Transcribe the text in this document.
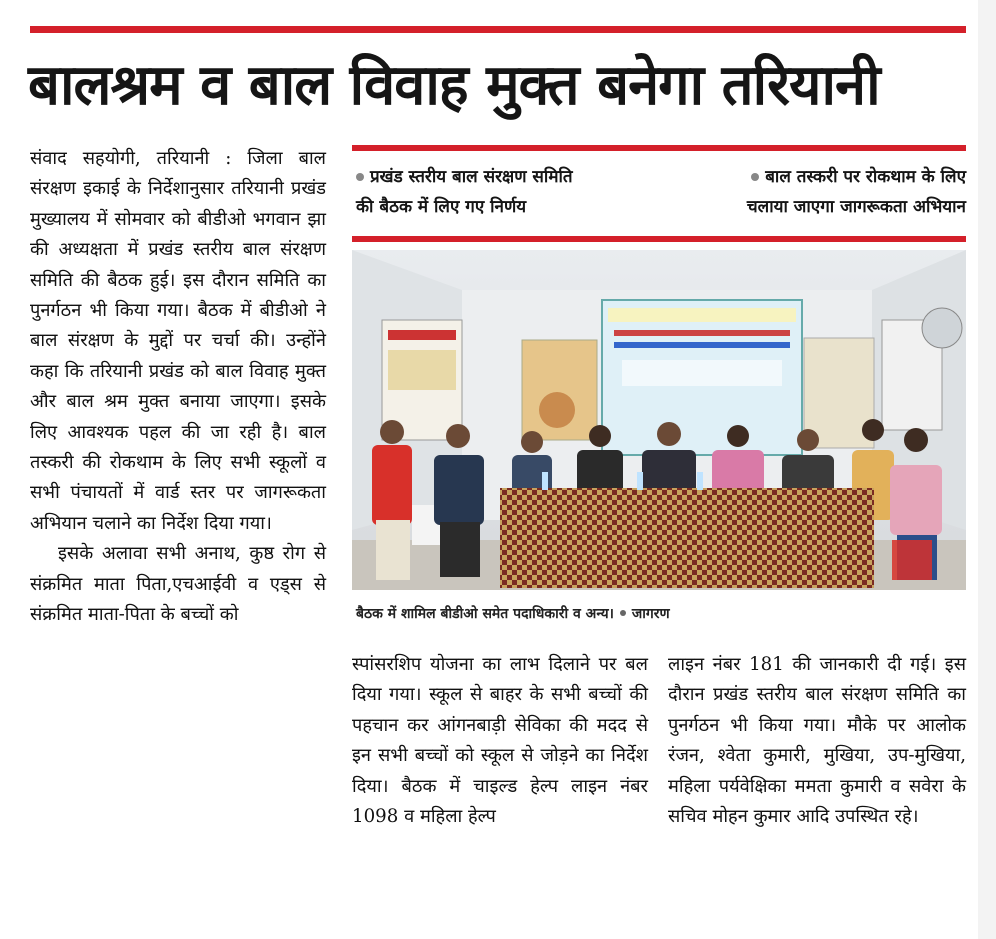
बालश्रम व बाल विवाह मुक्त बनेगा तरियानी

संवाद सहयोगी, तरियानी : जिला बाल संरक्षण इकाई के निर्देशानुसार तरियानी प्रखंड मुख्यालय में सोमवार को बीडीओ भगवान झा की अध्यक्षता में प्रखंड स्तरीय बाल संरक्षण समिति की बैठक हुई। इस दौरान समिति का पुनर्गठन भी किया गया। बैठक में बीडीओ ने बाल संरक्षण के मुद्दों पर चर्चा की। उन्होंने कहा कि तरियानी प्रखंड को बाल विवाह मुक्त और बाल श्रम मुक्त बनाया जाएगा। इसके लिए आवश्यक पहल की जा रही है। बाल तस्करी की रोकथाम के लिए सभी स्कूलों व सभी पंचायतों में वार्ड स्तर पर जागरूकता अभियान चलाने का निर्देश दिया गया।

इसके अलावा सभी अनाथ, कुष्ठ रोग से संक्रमित माता पिता,एचआईवी व एड्स से संक्रमित माता-पिता के बच्चों को

प्रखंड स्तरीय बाल संरक्षण समिति
की बैठक में लिए गए निर्णय
बाल तस्करी पर रोकथाम के लिए
चलाया जाएगा जागरूकता अभियान
बैठक में शामिल बीडीओ समेत पदाधिकारी व अन्य। जागरण

स्पांसरशिप योजना का लाभ दिलाने पर बल दिया गया। स्कूल से बाहर के सभी बच्चों की पहचान कर आंगनबाड़ी सेविका की मदद से इन सभी बच्चों को स्कूल से जोड़ने का निर्देश दिया। बैठक में चाइल्ड हेल्प लाइन नंबर 1098 व महिला हेल्प

लाइन नंबर 181 की जानकारी दी गई। इस दौरान प्रखंड स्तरीय बाल संरक्षण समिति का पुनर्गठन भी किया गया। मौके पर आलोक रंजन, श्वेता कुमारी, मुखिया, उप-मुखिया, महिला पर्यवेक्षिका ममता कुमारी व सवेरा के सचिव मोहन कुमार आदि उपस्थित रहे।
